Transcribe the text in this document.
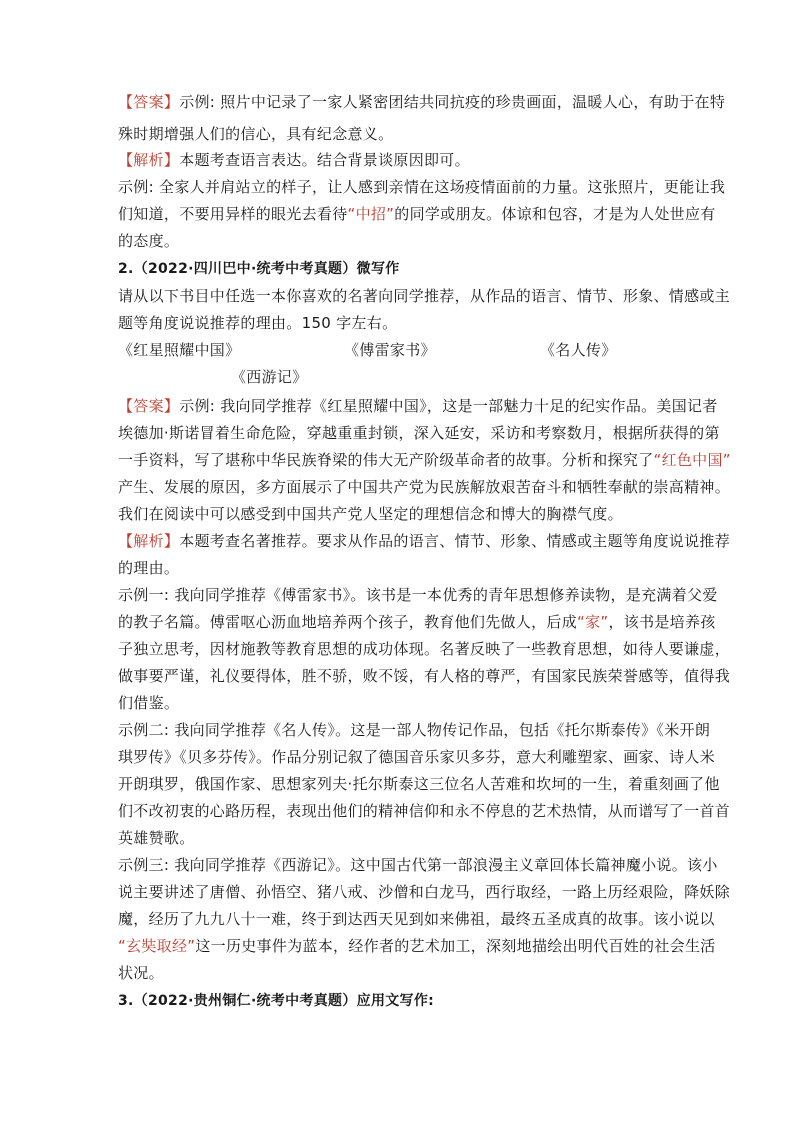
【答案】示例: 照片中记录了一家人紧密团结共同抗疫的珍贵画面，温暖人心，有助于在特
殊时期增强人们的信心，具有纪念意义。
【解析】本题考查语言表达。结合背景谈原因即可。
示例: 全家人并肩站立的样子，让人感到亲情在这场疫情面前的力量。这张照片，更能让我
们知道，不要用异样的眼光去看待“中招”的同学或朋友。体谅和包容，才是为人处世应有
的态度。
2.（2022·四川巴中·统考中考真题）微写作
请从以下书目中任选一本你喜欢的名著向同学推荐，从作品的语言、情节、形象、情感或主
题等角度说说推荐的理由。150 字左右。
《红星照耀中国》	《傅雷家书》	《名人传》
《西游记》
【答案】示例: 我向同学推荐《红星照耀中国》，这是一部魅力十足的纪实作品。美国记者
埃德加·斯诺冒着生命危险，穿越重重封锁，深入延安，采访和考察数月，根据所获得的第
一手资料，写了堪称中华民族脊梁的伟大无产阶级革命者的故事。分析和探究了“红色中国”
产生、发展的原因，多方面展示了中国共产党为民族解放艰苦奋斗和牺牲奉献的崇高精神。
我们在阅读中可以感受到中国共产党人坚定的理想信念和博大的胸襟气度。
【解析】本题考查名著推荐。要求从作品的语言、情节、形象、情感或主题等角度说说推荐
的理由。
示例一: 我向同学推荐《傅雷家书》。该书是一本优秀的青年思想修养读物，是充满着父爱
的教子名篇。傅雷呕心沥血地培养两个孩子，教育他们先做人，后成“家”，该书是培养孩
子独立思考，因材施教等教育思想的成功体现。名著反映了一些教育思想，如待人要谦虚，
做事要严谨，礼仪要得体，胜不骄，败不馁，有人格的尊严，有国家民族荣誉感等，值得我
们借鉴。
示例二: 我向同学推荐《名人传》。这是一部人物传记作品，包括《托尔斯泰传》《米开朗
琪罗传》《贝多芬传》。作品分别记叙了德国音乐家贝多芬，意大利雕塑家、画家、诗人米
开朗琪罗，俄国作家、思想家列夫·托尔斯泰这三位名人苦难和坎坷的一生，着重刻画了他
们不改初衷的心路历程，表现出他们的精神信仰和永不停息的艺术热情，从而谱写了一首首
英雄赞歌。
示例三: 我向同学推荐《西游记》。这中国古代第一部浪漫主义章回体长篇神魔小说。该小
说主要讲述了唐僧、孙悟空、猪八戒、沙僧和白龙马，西行取经，一路上历经艰险，降妖除
魔，经历了九九八十一难，终于到达西天见到如来佛祖，最终五圣成真的故事。该小说以
“玄奘取经”这一历史事件为蓝本，经作者的艺术加工，深刻地描绘出明代百姓的社会生活
状况。
3.（2022·贵州铜仁·统考中考真题）应用文写作:
